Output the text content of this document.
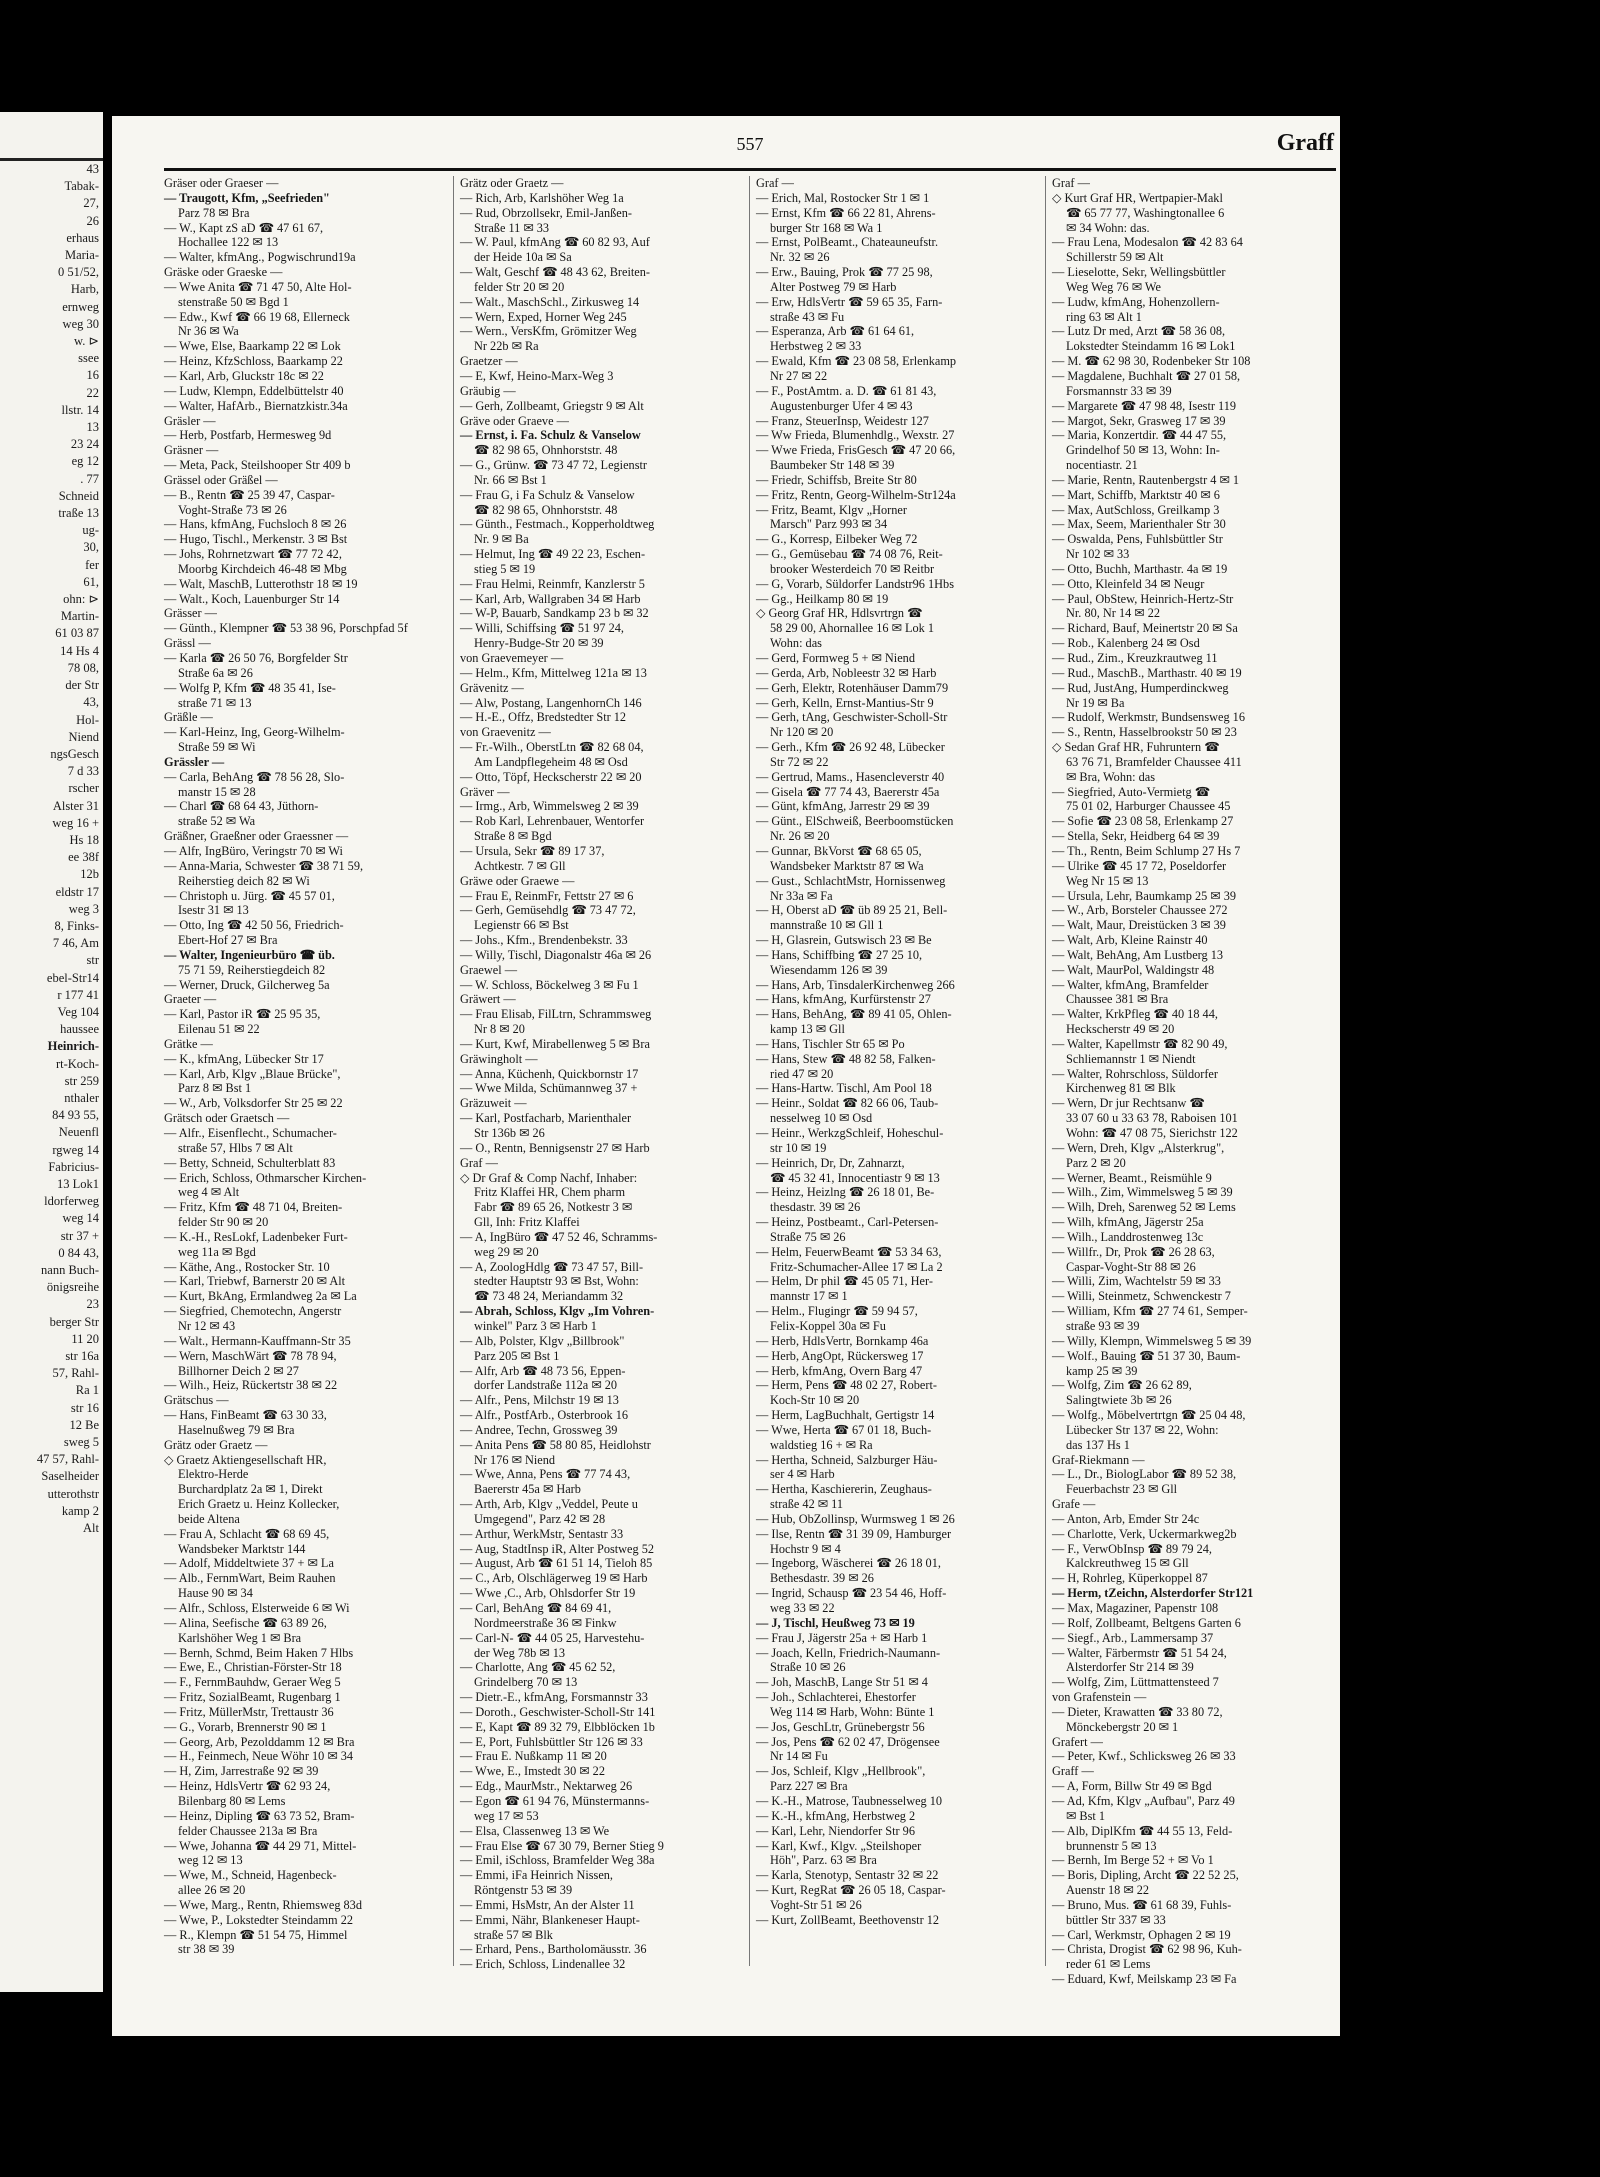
43
Tabak-
27,
26
erhaus
Maria-
0 51/52,
Harb,
ernweg
weg 30
w. ⊳
ssee
16
22
llstr. 14
13
23 24
eg 12
. 77
Schneid
traße 13
ug-
30,
fer
61,
ohn: ⊳
Martin-
61 03 87
14 Hs 4
78 08,
der Str
43,
Hol-
Niend
ngsGesch
7 d 33
rscher
Alster 31
weg 16 +
Hs 18
ee 38f
12b
eldstr 17
weg 3
8, Finks-
7 46, Am
str
ebel-Str14
r 177 41
Veg 104
haussee
Heinrich-
rt-Koch-
str 259
nthaler
84 93 55,
Neuenfl
rgweg 14
Fabricius-
13 Lok1
ldorferweg
weg 14
str 37 +
0 84 43,
nann Buch-
önigsreihe
23
berger Str
11 20
str 16a
57, Rahl-
Ra 1
str 16
12 Be
sweg 5
47 57, Rahl-
Saselheider
utterothstr
kamp 2
Alt
557	Graff
Gräser oder Graeser —
— Traugott, Kfm, „Seefrieden"
Parz 78 ✉ Bra
— W., Kapt zS aD ☎ 47 61 67,
Hochallee 122 ✉ 13
— Walter, kfmAng., Pogwischrund19a
Gräske oder Graeske —
— Wwe Anita ☎ 71 47 50, Alte Hol-
stenstraße 50 ✉ Bgd 1
— Edw., Kwf ☎ 66 19 68, Ellerneck
Nr 36 ✉ Wa
— Wwe, Else, Baarkamp 22 ✉ Lok
— Heinz, KfzSchloss, Baarkamp 22
— Karl, Arb, Gluckstr 18c ✉ 22
— Ludw, Klempn, Eddelbüttelstr 40
— Walter, HafArb., Biernatzkistr.34a
Gräsler —
— Herb, Postfarb, Hermesweg 9d
Gräsner —
— Meta, Pack, Steilshooper Str 409 b
Grässel oder Gräßel —
— B., Rentn ☎ 25 39 47, Caspar-
Voght-Straße 73 ✉ 26
— Hans, kfmAng, Fuchsloch 8 ✉ 26
— Hugo, Tischl., Merkenstr. 3 ✉ Bst
— Johs, Rohrnetzwart ☎ 77 72 42,
Moorbg Kirchdeich 46-48 ✉ Mbg
— Walt, MaschB, Lutterothstr 18 ✉ 19
— Walt., Koch, Lauenburger Str 14
Grässer —
— Günth., Klempner ☎ 53 38 96, Porschpfad 5f
Grässl —
— Karla ☎ 26 50 76, Borgfelder Str
Straße 6a ✉ 26
— Wolfg P, Kfm ☎ 48 35 41, Ise-
straße 71 ✉ 13
Gräßle —
— Karl-Heinz, Ing, Georg-Wilhelm-
Straße 59 ✉ Wi
Grässler —
— Carla, BehAng ☎ 78 56 28, Slo-
manstr 15 ✉ 28
— Charl ☎ 68 64 43, Jüthorn-
straße 52 ✉ Wa
Gräßner, Graeßner oder Graessner —
— Alfr, IngBüro, Veringstr 70 ✉ Wi
— Anna-Maria, Schwester ☎ 38 71 59,
Reiherstieg deich 82 ✉ Wi
— Christoph u. Jürg. ☎ 45 57 01,
Isestr 31 ✉ 13
— Otto, Ing ☎ 42 50 56, Friedrich-
Ebert-Hof 27 ✉ Bra
— Walter, Ingenieurbüro ☎ üb.
75 71 59, Reiherstiegdeich 82
— Werner, Druck, Gilcherweg 5a
Graeter —
— Karl, Pastor iR ☎ 25 95 35,
Eilenau 51 ✉ 22
Grätke —
— K., kfmAng, Lübecker Str 17
— Karl, Arb, Klgv „Blaue Brücke",
Parz 8 ✉ Bst 1
— W., Arb, Volksdorfer Str 25 ✉ 22
Grätsch oder Graetsch —
— Alfr., Eisenflecht., Schumacher-
straße 57, Hlbs 7 ✉ Alt
— Betty, Schneid, Schulterblatt 83
— Erich, Schloss, Othmarscher Kirchen-
weg 4 ✉ Alt
— Fritz, Kfm ☎ 48 71 04, Breiten-
felder Str 90 ✉ 20
— K.-H., ResLokf, Ladenbeker Furt-
weg 11a ✉ Bgd
— Käthe, Ang., Rostocker Str. 10
— Karl, Triebwf, Barnerstr 20 ✉ Alt
— Kurt, BkAng, Ermlandweg 2a ✉ La
— Siegfried, Chemotechn, Angerstr
Nr 12 ✉ 43
— Walt., Hermann-Kauffmann-Str 35
— Wern, MaschWärt ☎ 78 78 94,
Billhorner Deich 2 ✉ 27
— Wilh., Heiz, Rückertstr 38 ✉ 22
Grätschus —
— Hans, FinBeamt ☎ 63 30 33,
Haselnußweg 79 ✉ Bra
Grätz oder Graetz —
◇ Graetz Aktiengesellschaft HR,
Elektro-Herde
Burchardplatz 2a ✉ 1, Direkt
Erich Graetz u. Heinz Kollecker,
beide Altena
— Frau A, Schlacht ☎ 68 69 45,
Wandsbeker Marktstr 144
— Adolf, Middeltwiete 37 + ✉ La
— Alb., FernmWart, Beim Rauhen
Hause 90 ✉ 34
— Alfr., Schloss, Elsterweide 6 ✉ Wi
— Alina, Seefische ☎ 63 89 26,
Karlshöher Weg 1 ✉ Bra
— Bernh, Schmd, Beim Haken 7 Hlbs
— Ewe, E., Christian-Förster-Str 18
— F., FernmBauhdw, Geraer Weg 5
— Fritz, SozialBeamt, Rugenbarg 1
— Fritz, MüllerMstr, Trettaustr 36
— G., Vorarb, Brennerstr 90 ✉ 1
— Georg, Arb, Pezolddamm 12 ✉ Bra
— H., Feinmech, Neue Wöhr 10 ✉ 34
— H, Zim, Jarrestraße 92 ✉ 39
— Heinz, HdlsVertr ☎ 62 93 24,
Bilenbarg 80 ✉ Lems
— Heinz, Dipling ☎ 63 73 52, Bram-
felder Chaussee 213a ✉ Bra
— Wwe, Johanna ☎ 44 29 71, Mittel-
weg 12 ✉ 13
— Wwe, M., Schneid, Hagenbeck-
allee 26 ✉ 20
— Wwe, Marg., Rentn, Rhiemsweg 83d
— Wwe, P., Lokstedter Steindamm 22
— R., Klempn ☎ 51 54 75, Himmel
str 38 ✉ 39
Grätz oder Graetz —
— Rich, Arb, Karlshöher Weg 1a
— Rud, Obrzollsekr, Emil-Janßen-
Straße 11 ✉ 33
— W. Paul, kfmAng ☎ 60 82 93, Auf
der Heide 10a ✉ Sa
— Walt, Geschf ☎ 48 43 62, Breiten-
felder Str 20 ✉ 20
— Walt., MaschSchl., Zirkusweg 14
— Wern, Exped, Horner Weg 245
— Wern., VersKfm, Grömitzer Weg
Nr 22b ✉ Ra
Graetzer —
— E, Kwf, Heino-Marx-Weg 3
Gräubig —
— Gerh, Zollbeamt, Griegstr 9 ✉ Alt
Gräve oder Graeve —
— Ernst, i. Fa. Schulz & Vanselow
☎ 82 98 65, Ohnhorststr. 48
— G., Grünw. ☎ 73 47 72, Legienstr
Nr. 66 ✉ Bst 1
— Frau G, i Fa Schulz & Vanselow
☎ 82 98 65, Ohnhorststr. 48
— Günth., Festmach., Kopperholdtweg
Nr. 9 ✉ Ba
— Helmut, Ing ☎ 49 22 23, Eschen-
stieg 5 ✉ 19
— Frau Helmi, Reinmfr, Kanzlerstr 5
— Karl, Arb, Wallgraben 34 ✉ Harb
— W-P, Bauarb, Sandkamp 23 b ✉ 32
— Willi, Schiffsing ☎ 51 97 24,
Henry-Budge-Str 20 ✉ 39
von Graevemeyer —
— Helm., Kfm, Mittelweg 121a ✉ 13
Grävenitz —
— Alw, Postang, LangenhornCh 146
— H.-E., Offz, Bredstedter Str 12
von Graevenitz —
— Fr.-Wilh., OberstLtn ☎ 82 68 04,
Am Landpflegeheim 48 ✉ Osd
— Otto, Töpf, Heckscherstr 22 ✉ 20
Gräver —
— Irmg., Arb, Wimmelsweg 2 ✉ 39
— Rob Karl, Lehrenbauer, Wentorfer
Straße 8 ✉ Bgd
— Ursula, Sekr ☎ 89 17 37,
Achtkestr. 7 ✉ Gll
Gräwe oder Graewe —
— Frau E, ReinmFr, Fettstr 27 ✉ 6
— Gerh, Gemüsehdlg ☎ 73 47 72,
Legienstr 66 ✉ Bst
— Johs., Kfm., Brendenbekstr. 33
— Willy, Tischl, Diagonalstr 46a ✉ 26
Graewel —
— W. Schloss, Böckelweg 3 ✉ Fu 1
Gräwert —
— Frau Elisab, FilLtrn, Schrammsweg
Nr 8 ✉ 20
— Kurt, Kwf, Mirabellenweg 5 ✉ Bra
Gräwingholt —
— Anna, Küchenh, Quickbornstr 17
— Wwe Milda, Schümannweg 37 +
Gräzuweit —
— Karl, Postfacharb, Marienthaler
Str 136b ✉ 26
— O., Rentn, Bennigsenstr 27 ✉ Harb
Graf —
◇ Dr Graf & Comp Nachf, Inhaber:
Fritz Klaffei HR, Chem pharm
Fabr ☎ 89 65 26, Notkestr 3 ✉
Gll, Inh: Fritz Klaffei
— A, IngBüro ☎ 47 52 46, Schramms-
weg 29 ✉ 20
— A, ZoologHdlg ☎ 73 47 57, Bill-
stedter Hauptstr 93 ✉ Bst, Wohn:
☎ 73 48 24, Meriandamm 32
— Abrah, Schloss, Klgv „Im Vohren-
winkel" Parz 3 ✉ Harb 1
— Alb, Polster, Klgv „Billbrook"
Parz 205 ✉ Bst 1
— Alfr, Arb ☎ 48 73 56, Eppen-
dorfer Landstraße 112a ✉ 20
— Alfr., Pens, Milchstr 19 ✉ 13
— Alfr., PostfArb., Osterbrook 16
— Andree, Techn, Grossweg 39
— Anita Pens ☎ 58 80 85, Heidlohstr
Nr 176 ✉ Niend
— Wwe, Anna, Pens ☎ 77 74 43,
Baererstr 45a ✉ Harb
— Arth, Arb, Klgv „Veddel, Peute u
Umgegend", Parz 42 ✉ 28
— Arthur, WerkMstr, Sentastr 33
— Aug, StadtInsp iR, Alter Postweg 52
— August, Arb ☎ 61 51 14, Tieloh 85
— C., Arb, Olschlägerweg 19 ✉ Harb
— Wwe ,C., Arb, Ohlsdorfer Str 19
— Carl, BehAng ☎ 84 69 41,
Nordmeerstraße 36 ✉ Finkw
— Carl-N- ☎ 44 05 25, Harvestehu-
der Weg 78b ✉ 13
— Charlotte, Ang ☎ 45 62 52,
Grindelberg 70 ✉ 13
— Dietr.-E., kfmAng, Forsmannstr 33
— Doroth., Geschwister-Scholl-Str 141
— E, Kapt ☎ 89 32 79, Elbblöcken 1b
— E, Port, Fuhlsbüttler Str 126 ✉ 33
— Frau E. Nußkamp 11 ✉ 20
— Wwe, E., Imstedt 30 ✉ 22
— Edg., MaurMstr., Nektarweg 26
— Egon ☎ 61 94 76, Münstermanns-
weg 17 ✉ 53
— Elsa, Classenweg 13 ✉ We
— Frau Else ☎ 67 30 79, Berner Stieg 9
— Emil, iSchloss, Bramfelder Weg 38a
— Emmi, iFa Heinrich Nissen,
Röntgenstr 53 ✉ 39
— Emmi, HsMstr, An der Alster 11
— Emmi, Nähr, Blankeneser Haupt-
straße 57 ✉ Blk
— Erhard, Pens., Bartholomäusstr. 36
— Erich, Schloss, Lindenallee 32
Graf —
— Erich, Mal, Rostocker Str 1 ✉ 1
— Ernst, Kfm ☎ 66 22 81, Ahrens-
burger Str 168 ✉ Wa 1
— Ernst, PolBeamt., Chateauneufstr.
Nr. 32 ✉ 26
— Erw., Bauing, Prok ☎ 77 25 98,
Alter Postweg 79 ✉ Harb
— Erw, HdlsVertr ☎ 59 65 35, Farn-
straße 43 ✉ Fu
— Esperanza, Arb ☎ 61 64 61,
Herbstweg 2 ✉ 33
— Ewald, Kfm ☎ 23 08 58, Erlenkamp
Nr 27 ✉ 22
— F., PostAmtm. a. D. ☎ 61 81 43,
Augustenburger Ufer 4 ✉ 43
— Franz, SteuerInsp, Weidestr 127
— Ww Frieda, Blumenhdlg., Wexstr. 27
— Wwe Frieda, FrisGesch ☎ 47 20 66,
Baumbeker Str 148 ✉ 39
— Friedr, Schiffsb, Breite Str 80
— Fritz, Rentn, Georg-Wilhelm-Str124a
— Fritz, Beamt, Klgv „Horner
Marsch" Parz 993 ✉ 34
— G., Korresp, Eilbeker Weg 72
— G., Gemüsebau ☎ 74 08 76, Reit-
brooker Westerdeich 70 ✉ Reitbr
— G, Vorarb, Süldorfer Landstr96 1Hbs
— Gg., Heilkamp 80 ✉ 19
◇ Georg Graf HR, Hdlsvrtrgn ☎
58 29 00, Ahornallee 16 ✉ Lok 1
Wohn: das
— Gerd, Formweg 5 + ✉ Niend
— Gerda, Arb, Nobleestr 32 ✉ Harb
— Gerh, Elektr, Rotenhäuser Damm79
— Gerh, Kelln, Ernst-Mantius-Str 9
— Gerh, tAng, Geschwister-Scholl-Str
Nr 120 ✉ 20
— Gerh., Kfm ☎ 26 92 48, Lübecker
Str 72 ✉ 22
— Gertrud, Mams., Hasencleverstr 40
— Gisela ☎ 77 74 43, Baererstr 45a
— Günt, kfmAng, Jarrestr 29 ✉ 39
— Günt., ElSchweiß, Beerboomstücken
Nr. 26 ✉ 20
— Gunnar, BkVorst ☎ 68 65 05,
Wandsbeker Marktstr 87 ✉ Wa
— Gust., SchlachtMstr, Hornissenweg
Nr 33a ✉ Fa
— H, Oberst aD ☎ üb 89 25 21, Bell-
mannstraße 10 ✉ Gll 1
— H, Glasrein, Gutswisch 23 ✉ Be
— Hans, Schiffbing ☎ 27 25 10,
Wiesendamm 126 ✉ 39
— Hans, Arb, TinsdalerKirchenweg 266
— Hans, kfmAng, Kurfürstenstr 27
— Hans, BehAng, ☎ 89 41 05, Ohlen-
kamp 13 ✉ Gll
— Hans, Tischler Str 65 ✉ Po
— Hans, Stew ☎ 48 82 58, Falken-
ried 47 ✉ 20
— Hans-Hartw. Tischl, Am Pool 18
— Heinr., Soldat ☎ 82 66 06, Taub-
nesselweg 10 ✉ Osd
— Heinr., WerkzgSchleif, Hoheschul-
str 10 ✉ 19
— Heinrich, Dr, Dr, Zahnarzt,
☎ 45 32 41, Innocentiastr 9 ✉ 13
— Heinz, Heizlng ☎ 26 18 01, Be-
thesdastr. 39 ✉ 26
— Heinz, Postbeamt., Carl-Petersen-
Straße 75 ✉ 26
— Helm, FeuerwBeamt ☎ 53 34 63,
Fritz-Schumacher-Allee 17 ✉ La 2
— Helm, Dr phil ☎ 45 05 71, Her-
mannstr 17 ✉ 1
— Helm., Flugingr ☎ 59 94 57,
Felix-Koppel 30a ✉ Fu
— Herb, HdlsVertr, Bornkamp 46a
— Herb, AngOpt, Rückersweg 17
— Herb, kfmAng, Overn Barg 47
— Herm, Pens ☎ 48 02 27, Robert-
Koch-Str 10 ✉ 20
— Herm, LagBuchhalt, Gertigstr 14
— Wwe, Herta ☎ 67 01 18, Buch-
waldstieg 16 + ✉ Ra
— Hertha, Schneid, Salzburger Häu-
ser 4 ✉ Harb
— Hertha, Kaschiererin, Zeughaus-
straße 42 ✉ 11
— Hub, ObZollinsp, Wurmsweg 1 ✉ 26
— Ilse, Rentn ☎ 31 39 09, Hamburger
Hochstr 9 ✉ 4
— Ingeborg, Wäscherei ☎ 26 18 01,
Bethesdastr. 39 ✉ 26
— Ingrid, Schausp ☎ 23 54 46, Hoff-
weg 33 ✉ 22
— J, Tischl, Heußweg 73 ✉ 19
— Frau J, Jägerstr 25a + ✉ Harb 1
— Joach, Kelln, Friedrich-Naumann-
Straße 10 ✉ 26
— Joh, MaschB, Lange Str 51 ✉ 4
— Joh., Schlachterei, Ehestorfer
Weg 114 ✉ Harb, Wohn: Bünte 1
— Jos, GeschLtr, Grünebergstr 56
— Jos, Pens ☎ 62 02 47, Drögensee
Nr 14 ✉ Fu
— Jos, Schleif, Klgv „Hellbrook",
Parz 227 ✉ Bra
— K.-H., Matrose, Taubnesselweg 10
— K.-H., kfmAng, Herbstweg 2
— Karl, Lehr, Niendorfer Str 96
— Karl, Kwf., Klgv. „Steilshoper
Höh", Parz. 63 ✉ Bra
— Karla, Stenotyp, Sentastr 32 ✉ 22
— Kurt, RegRat ☎ 26 05 18, Caspar-
Voght-Str 51 ✉ 26
— Kurt, ZollBeamt, Beethovenstr 12
Graf —
◇ Kurt Graf HR, Wertpapier-Makl
☎ 65 77 77, Washingtonallee 6
✉ 34 Wohn: das.
— Frau Lena, Modesalon ☎ 42 83 64
Schillerstr 59 ✉ Alt
— Lieselotte, Sekr, Wellingsbüttler
Weg Weg 76 ✉ We
— Ludw, kfmAng, Hohenzollern-
ring 63 ✉ Alt 1
— Lutz Dr med, Arzt ☎ 58 36 08,
Lokstedter Steindamm 16 ✉ Lok1
— M. ☎ 62 98 30, Rodenbeker Str 108
— Magdalene, Buchhalt ☎ 27 01 58,
Forsmannstr 33 ✉ 39
— Margarete ☎ 47 98 48, Isestr 119
— Margot, Sekr, Grasweg 17 ✉ 39
— Maria, Konzertdir. ☎ 44 47 55,
Grindelhof 50 ✉ 13, Wohn: In-
nocentiastr. 21
— Marie, Rentn, Rautenbergstr 4 ✉ 1
— Mart, Schiffb, Marktstr 40 ✉ 6
— Max, AutSchloss, Greilkamp 3
— Max, Seem, Marienthaler Str 30
— Oswalda, Pens, Fuhlsbüttler Str
Nr 102 ✉ 33
— Otto, Buchh, Marthastr. 4a ✉ 19
— Otto, Kleinfeld 34 ✉ Neugr
— Paul, ObStew, Heinrich-Hertz-Str
Nr. 80, Nr 14 ✉ 22
— Richard, Bauf, Meinertstr 20 ✉ Sa
— Rob., Kalenberg 24 ✉ Osd
— Rud., Zim., Kreuzkrautweg 11
— Rud., MaschB., Marthastr. 40 ✉ 19
— Rud, JustAng, Humperdinckweg
Nr 19 ✉ Ba
— Rudolf, Werkmstr, Bundsensweg 16
— S., Rentn, Hasselbrookstr 50 ✉ 23
◇ Sedan Graf HR, Fuhruntern ☎
63 76 71, Bramfelder Chaussee 411
✉ Bra, Wohn: das
— Siegfried, Auto-Vermietg ☎
75 01 02, Harburger Chaussee 45
— Sofie ☎ 23 08 58, Erlenkamp 27
— Stella, Sekr, Heidberg 64 ✉ 39
— Th., Rentn, Beim Schlump 27 Hs 7
— Ulrike ☎ 45 17 72, Poseldorfer
Weg Nr 15 ✉ 13
— Ursula, Lehr, Baumkamp 25 ✉ 39
— W., Arb, Borsteler Chaussee 272
— Walt, Maur, Dreistücken 3 ✉ 39
— Walt, Arb, Kleine Rainstr 40
— Walt, BehAng, Am Lustberg 13
— Walt, MaurPol, Waldingstr 48
— Walter, kfmAng, Bramfelder
Chaussee 381 ✉ Bra
— Walter, KrkPfleg ☎ 40 18 44,
Heckscherstr 49 ✉ 20
— Walter, Kapellmstr ☎ 82 90 49,
Schliemannstr 1 ✉ Niendt
— Walter, Rohrschloss, Süldorfer
Kirchenweg 81 ✉ Blk
— Wern, Dr jur Rechtsanw ☎
33 07 60 u 33 63 78, Raboisen 101
Wohn: ☎ 47 08 75, Sierichstr 122
— Wern, Dreh, Klgv „Alsterkrug",
Parz 2 ✉ 20
— Werner, Beamt., Reismühle 9
— Wilh., Zim, Wimmelsweg 5 ✉ 39
— Wilh, Dreh, Sarenweg 52 ✉ Lems
— Wilh, kfmAng, Jägerstr 25a
— Wilh., Landdrostenweg 13c
— Willfr., Dr, Prok ☎ 26 28 63,
Caspar-Voght-Str 88 ✉ 26
— Willi, Zim, Wachtelstr 59 ✉ 33
— Willi, Steinmetz, Schwenckestr 7
— William, Kfm ☎ 27 74 61, Semper-
straße 93 ✉ 39
— Willy, Klempn, Wimmelsweg 5 ✉ 39
— Wolf., Bauing ☎ 51 37 30, Baum-
kamp 25 ✉ 39
— Wolfg, Zim ☎ 26 62 89,
Salingtwiete 3b ✉ 26
— Wolfg., Möbelvertrtgn ☎ 25 04 48,
Lübecker Str 137 ✉ 22, Wohn:
das 137 Hs 1
Graf-Riekmann —
— L., Dr., BiologLabor ☎ 89 52 38,
Feuerbachstr 23 ✉ Gll
Grafe —
— Anton, Arb, Emder Str 24c
— Charlotte, Verk, Uckermarkweg2b
— F., VerwObInsp ☎ 89 79 24,
Kalckreuthweg 15 ✉ Gll
— H, Rohrleg, Küperkoppel 87
— Herm, tZeichn, Alsterdorfer Str121
— Max, Magaziner, Papenstr 108
— Rolf, Zollbeamt, Beltgens Garten 6
— Siegf., Arb., Lammersamp 37
— Walter, Färbermstr ☎ 51 54 24,
Alsterdorfer Str 214 ✉ 39
— Wolfg, Zim, Lüttmattensteed 7
von Grafenstein —
— Dieter, Krawatten ☎ 33 80 72,
Mönckebergstr 20 ✉ 1
Grafert —
— Peter, Kwf., Schlicksweg 26 ✉ 33
Graff —
— A, Form, Billw Str 49 ✉ Bgd
— Ad, Kfm, Klgv „Aufbau", Parz 49
✉ Bst 1
— Alb, DiplKfm ☎ 44 55 13, Feld-
brunnenstr 5 ✉ 13
— Bernh, Im Berge 52 + ✉ Vo 1
— Boris, Dipling, Archt ☎ 22 52 25,
Auenstr 18 ✉ 22
— Bruno, Mus. ☎ 61 68 39, Fuhls-
büttler Str 337 ✉ 33
— Carl, Werkmstr, Ophagen 2 ✉ 19
— Christa, Drogist ☎ 62 98 96, Kuh-
reder 61 ✉ Lems
— Eduard, Kwf, Meilskamp 23 ✉ Fa
